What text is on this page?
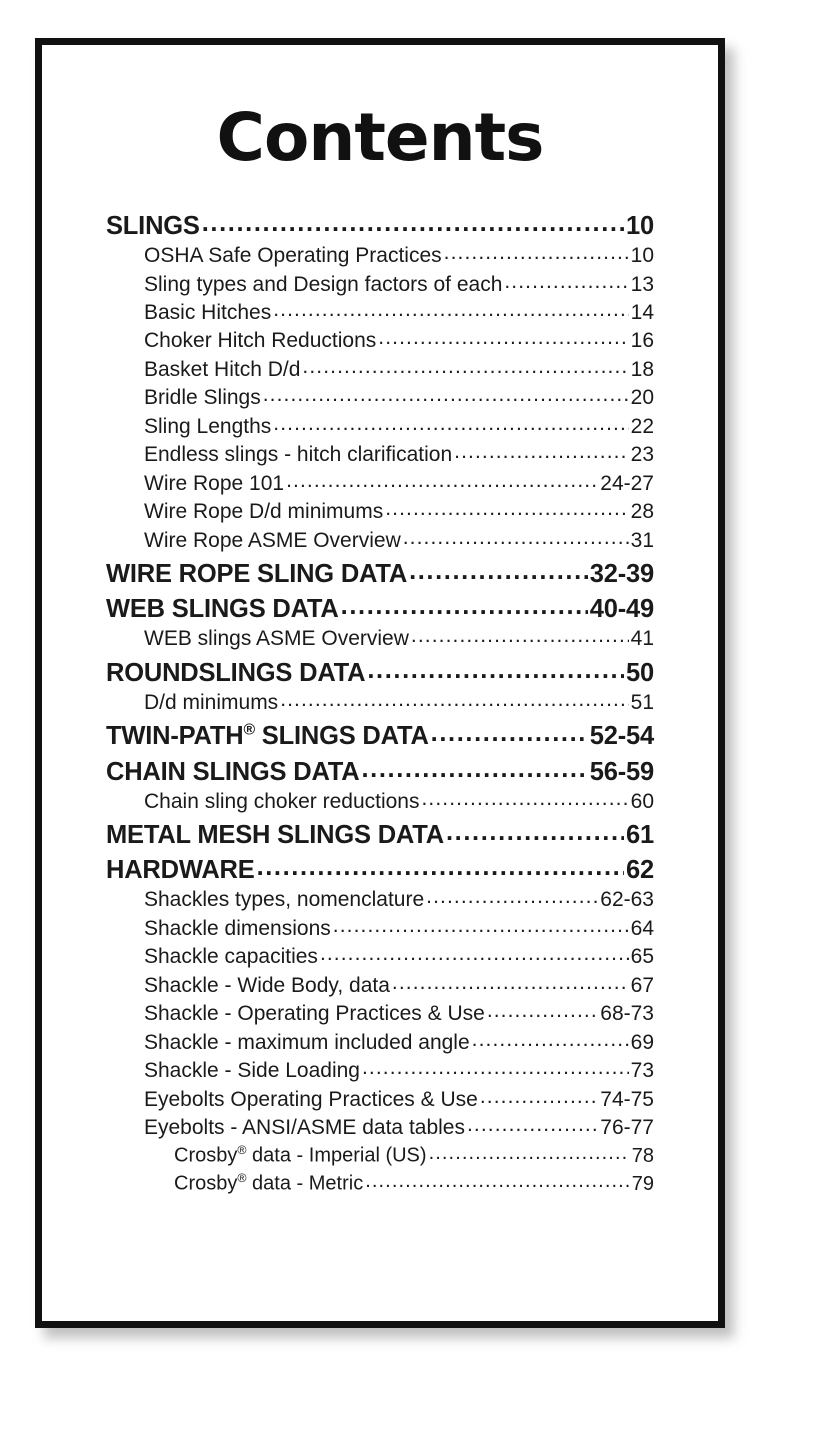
Contents
SLINGS .....	10
OSHA Safe Operating Practices .....	10
Sling types and Design factors of each .....	13
Basic Hitches .....	14
Choker Hitch Reductions .....	16
Basket Hitch D/d .....	18
Bridle Slings .....	20
Sling Lengths .....	22
Endless slings - hitch clarification .....	23
Wire Rope 101 .....	24-27
Wire Rope D/d minimums .....	28
Wire Rope ASME Overview .....	31
WIRE ROPE SLING DATA .....	32-39
WEB SLINGS DATA .....	40-49
WEB slings ASME Overview .....	41
ROUNDSLINGS DATA .....	50
D/d minimums .....	51
TWIN-PATH® SLINGS DATA .....	52-54
CHAIN SLINGS DATA .....	56-59
Chain sling choker reductions .....	60
METAL MESH SLINGS DATA .....	61
HARDWARE .....	62
Shackles types, nomenclature .....	62-63
Shackle dimensions .....	64
Shackle capacities .....	65
Shackle - Wide Body, data .....	67
Shackle - Operating Practices & Use .....	68-73
Shackle - maximum included angle .....	69
Shackle - Side Loading .....	73
Eyebolts Operating Practices & Use .....	74-75
Eyebolts - ANSI/ASME data tables .....	76-77
Crosby® data - Imperial (US) .....	78
Crosby® data - Metric .....	79
